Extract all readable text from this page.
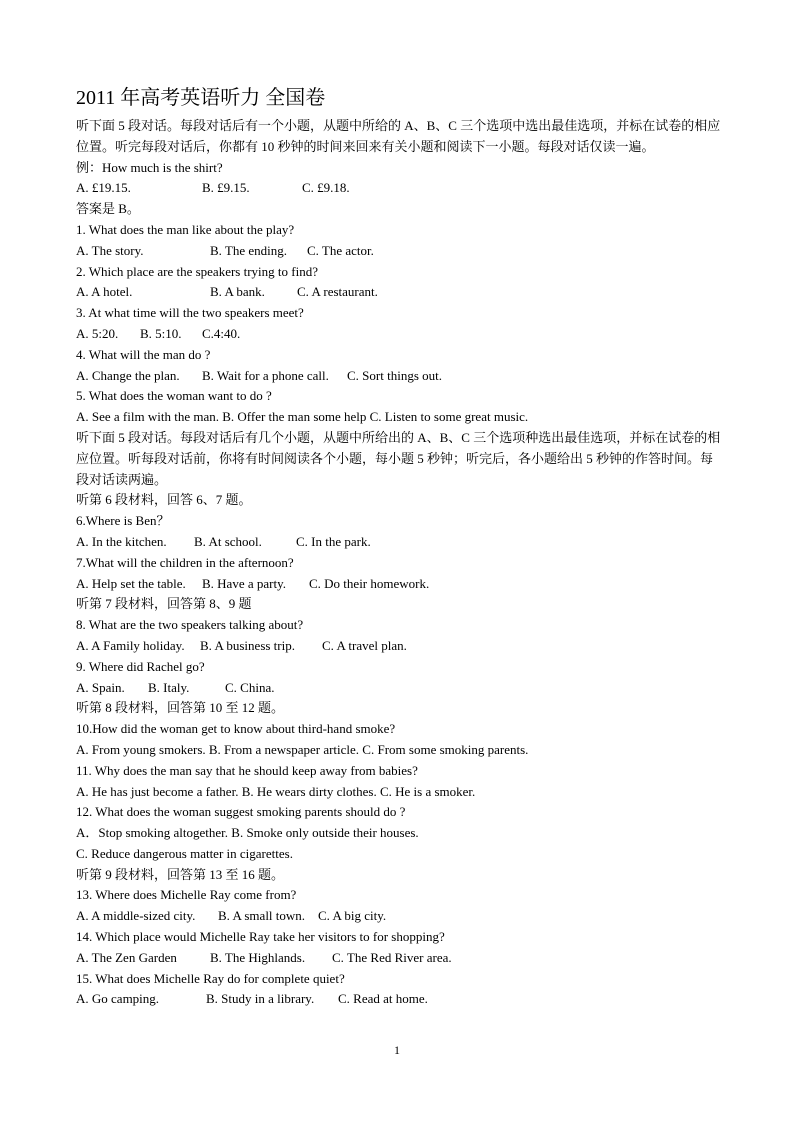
2011 年高考英语听力 全国卷
听下面 5 段对话。每段对话后有一个小题，从题中所给的 A、B、C 三个选项中选出最佳选项，并标在试卷的相应位置。听完每段对话后，你都有 10 秒钟的时间来回来有关小题和阅读下一小题。每段对话仅读一遍。
例：How much is the shirt?
A. £19.15.	B. £9.15.	C. £9.18.
答案是 B。
1. What does the man like about the play?
A. The story.	B. The ending. C. The actor.
2. Which place are the speakers trying to find?
A. A hotel.	B. A bank. C. A restaurant.
3. At what time will the two speakers meet?
A. 5:20. B. 5:10. C.4:40.
4. What will the man do ?
A. Change the plan. B. Wait for a phone call. C. Sort things out.
5. What does the woman want to do ?
A. See a film with the man. B. Offer the man some help C. Listen to some great music.
听下面 5 段对话。每段对话后有几个小题，从题中所给出的 A、B、C 三个选项种选出最佳选项，并标在试卷的相应位置。听每段对话前，你将有时间阅读各个小题，每小题 5 秒钟；听完后，各小题给出 5 秒钟的作答时间。每段对话读两遍。
听第 6 段材料，回答 6、7 题。
6.Where is Ben？
A. In the kitchen. B. At school.	C. In the park.
7.What will the children in the afternoon?
A. Help set the table. B. Have a party. C. Do their homework.
听第 7 段材料，回答第 8、9 题
8. What are the two speakers talking about?
A. A Family holiday. B. A business trip. C. A travel plan.
9. Where did Rachel go?
A. Spain. B. Italy.	C. China.
听第 8 段材料，回答第 10 至 12 题。
10.How did the woman get to know about third-hand smoke?
A. From young smokers. B. From a newspaper article. C. From some smoking parents.
11. Why does the man say that he should keep away from babies?
A. He has just become a father. B. He wears dirty clothes. C. He is a smoker.
12. What does the woman suggest smoking parents should do ?
A．Stop smoking altogether. B. Smoke only outside their houses.
C. Reduce dangerous matter in cigarettes.
听第 9 段材料，回答第 13 至 16 题。
13. Where does Michelle Ray come from?
A. A middle-sized city. B. A small town. C. A big city.
14. Which place would Michelle Ray take her visitors to for shopping?
A. The Zen Garden	B. The Highlands. C. The Red River area.
15. What does Michelle Ray do for complete quiet?
A. Go camping.	B. Study in a library. C. Read at home.
1
